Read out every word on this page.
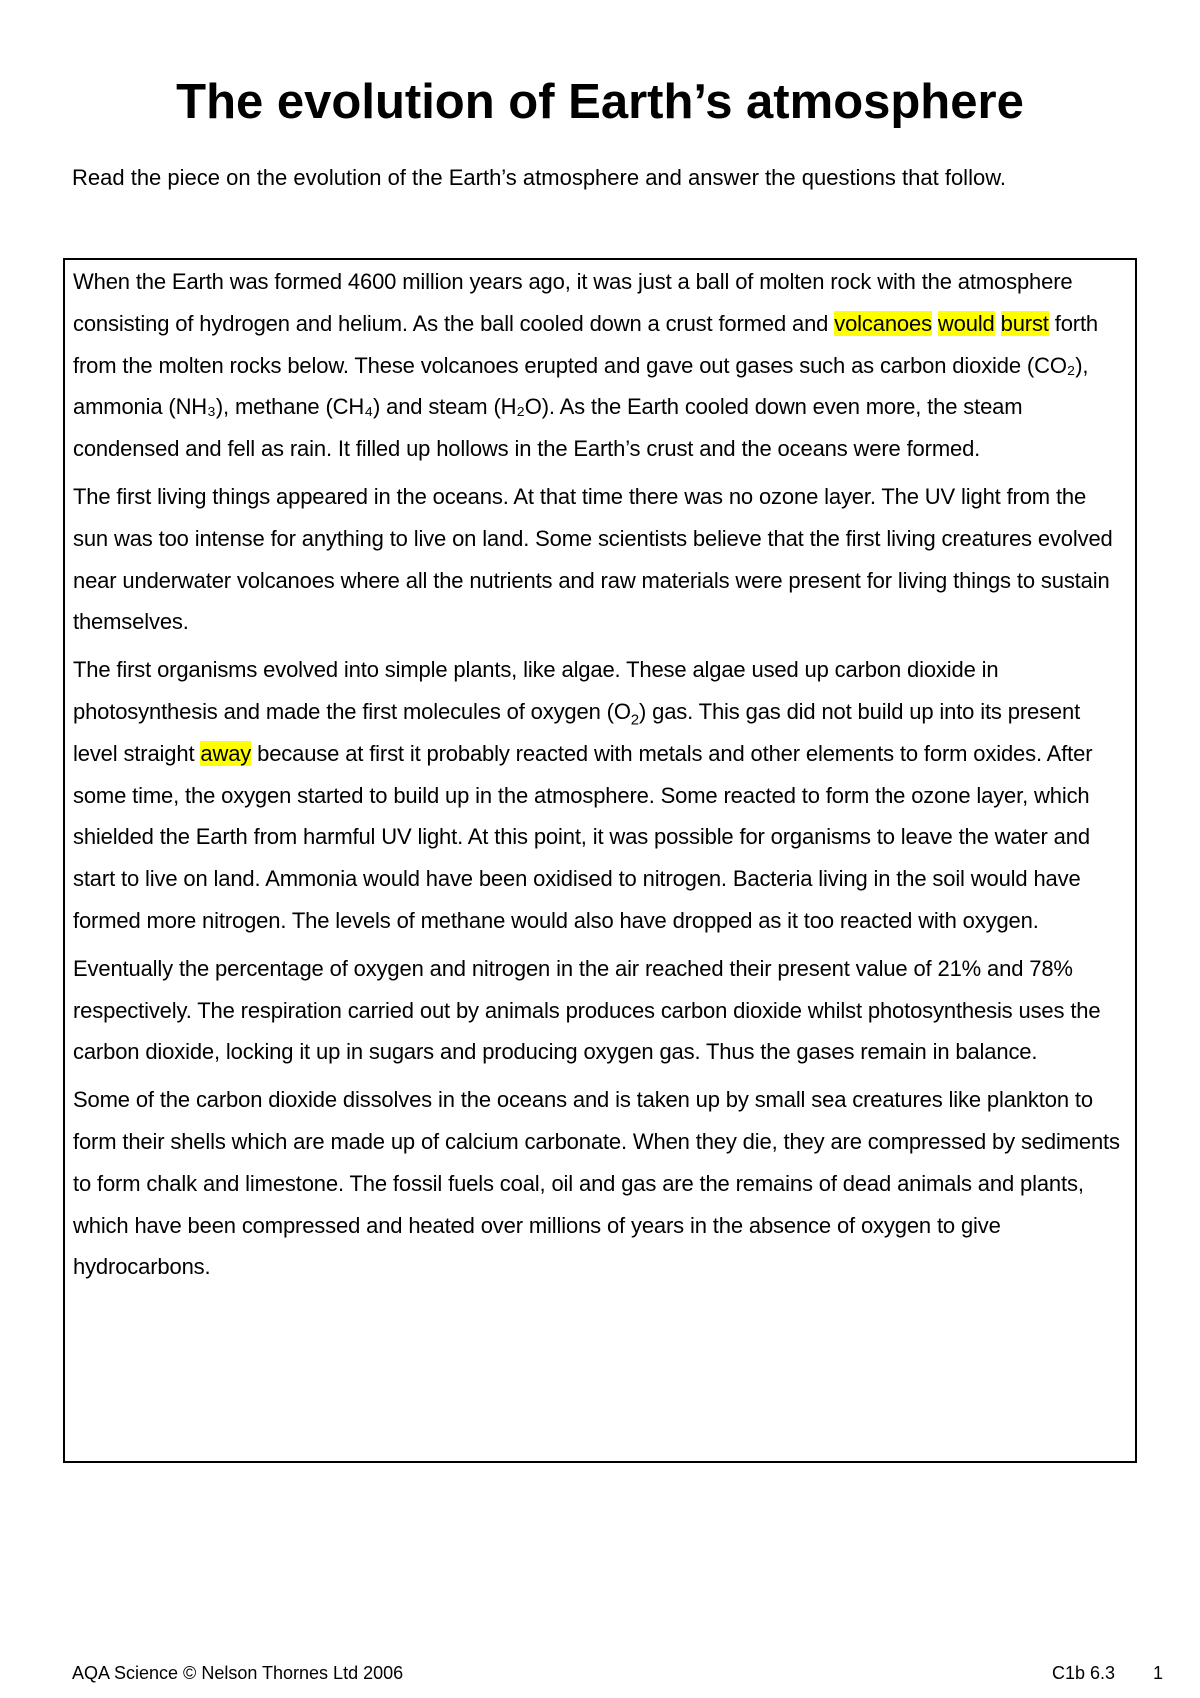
The evolution of Earth’s atmosphere

Read the piece on the evolution of the Earth’s atmosphere and answer the questions that follow.

When the Earth was formed 4600 million years ago, it was just a ball of molten rock with the atmosphere consisting of hydrogen and helium. As the ball cooled down a crust formed and volcanoes would burst forth from the molten rocks below. These volcanoes erupted and gave out gases such as carbon dioxide (CO₂), ammonia (NH₃), methane (CH₄) and steam (H₂O). As the Earth cooled down even more, the steam condensed and fell as rain. It filled up hollows in the Earth’s crust and the oceans were formed.

The first living things appeared in the oceans. At that time there was no ozone layer. The UV light from the sun was too intense for anything to live on land. Some scientists believe that the first living creatures evolved near underwater volcanoes where all the nutrients and raw materials were present for living things to sustain themselves.

The first organisms evolved into simple plants, like algae. These algae used up carbon dioxide in photosynthesis and made the first molecules of oxygen $(O_2)$ gas. This gas did not build up into its present level straight away because at first it probably reacted with metals and other elements to form oxides. After some time, the oxygen started to build up in the atmosphere. Some reacted to form the ozone layer, which shielded the Earth from harmful UV light. At this point, it was possible for organisms to leave the water and start to live on land. Ammonia would have been oxidised to nitrogen. Bacteria living in the soil would have formed more nitrogen. The levels of methane would also have dropped as it too reacted with oxygen.

Eventually the percentage of oxygen and nitrogen in the air reached their present value of 21% and 78% respectively. The respiration carried out by animals produces carbon dioxide whilst photosynthesis uses the carbon dioxide, locking it up in sugars and producing oxygen gas. Thus the gases remain in balance.

Some of the carbon dioxide dissolves in the oceans and is taken up by small sea creatures like plankton to form their shells which are made up of calcium carbonate. When they die, they are compressed by sediments to form chalk and limestone. The fossil fuels coal, oil and gas are the remains of dead animals and plants, which have been compressed and heated over millions of years in the absence of oxygen to give hydrocarbons.

AQA Science © Nelson Thornes Ltd 2006	C1b 6.3 1
